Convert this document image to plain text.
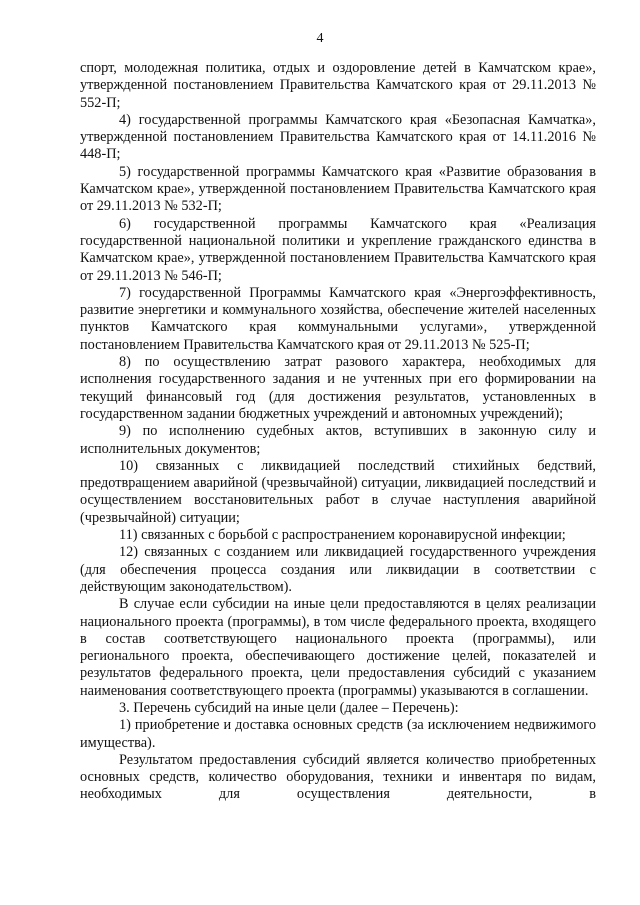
4

спорт, молодежная политика, отдых и оздоровление детей в Камчатском крае», утвержденной постановлением Правительства Камчатского края от 29.11.2013 № 552-П;

4) государственной программы Камчатского края «Безопасная Камчатка», утвержденной постановлением Правительства Камчатского края от 14.11.2016 № 448-П;

5) государственной программы Камчатского края «Развитие образования в Камчатском крае», утвержденной постановлением Правительства Камчатского края от 29.11.2013 № 532-П;

6) государственной программы Камчатского края «Реализация государственной национальной политики и укрепление гражданского единства в Камчатском крае», утвержденной постановлением Правительства Камчатского края от 29.11.2013 № 546-П;

7) государственной Программы Камчатского края «Энергоэффективность, развитие энергетики и коммунального хозяйства, обеспечение жителей населенных пунктов Камчатского края коммунальными услугами», утвержденной постановлением Правительства Камчатского края от 29.11.2013 № 525-П;

8) по осуществлению затрат разового характера, необходимых для исполнения государственного задания и не учтенных при его формировании на текущий финансовый год (для достижения результатов, установленных в государственном задании бюджетных учреждений и автономных учреждений);

9) по исполнению судебных актов, вступивших в законную силу и исполнительных документов;

10) связанных с ликвидацией последствий стихийных бедствий, предотвращением аварийной (чрезвычайной) ситуации, ликвидацией последствий и осуществлением восстановительных работ в случае наступления аварийной (чрезвычайной) ситуации;

11) связанных с борьбой с распространением коронавирусной инфекции;

12) связанных с созданием или ликвидацией государственного учреждения (для обеспечения процесса создания или ликвидации в соответствии с действующим законодательством).

В случае если субсидии на иные цели предоставляются в целях реализации национального проекта (программы), в том числе федерального проекта, входящего в состав соответствующего национального проекта (программы), или регионального проекта, обеспечивающего достижение целей, показателей и результатов федерального проекта, цели предоставления субсидий с указанием наименования соответствующего проекта (программы) указываются в соглашении.

3. Перечень субсидий на иные цели (далее – Перечень):

1) приобретение и доставка основных средств (за исключением недвижимого имущества).

Результатом предоставления субсидий является количество приобретенных основных средств, количество оборудования, техники и инвентаря по видам, необходимых для осуществления деятельности, в
